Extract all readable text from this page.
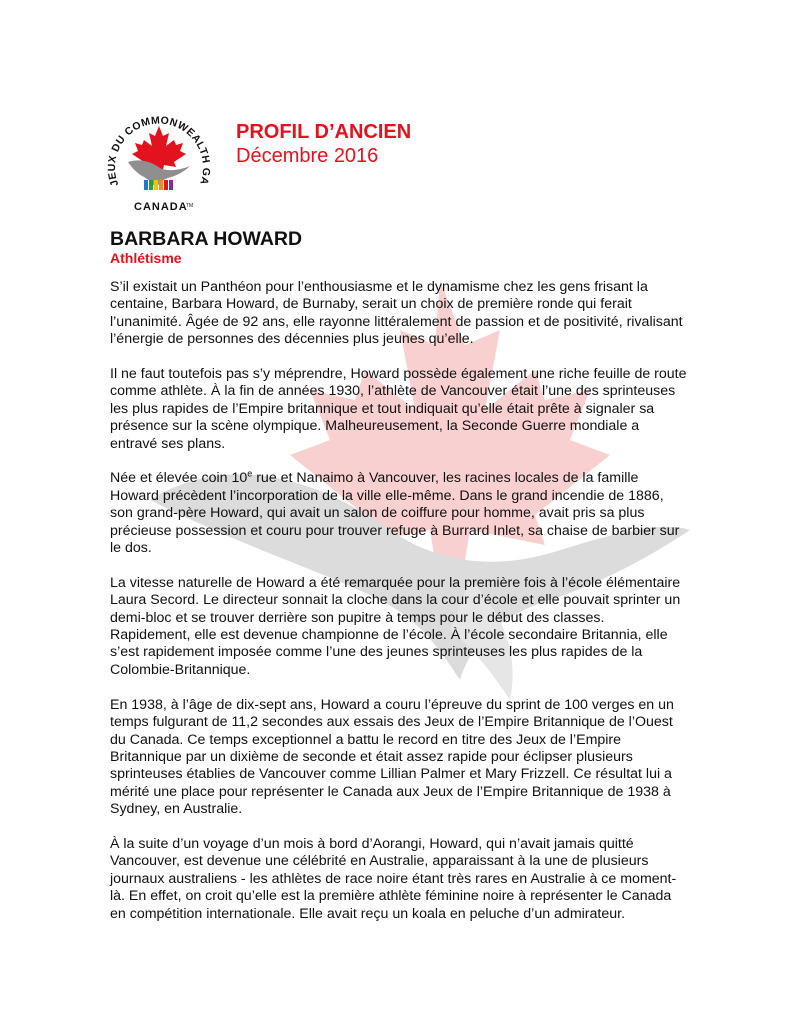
JEUX DU COMMONWEALTH GA
CANADA
TM
PROFIL D’ANCIEN
Décembre 2016
BARBARA HOWARD
Athlétisme

S’il existait un Panthéon pour l’enthousiasme et le dynamisme chez les gens frisant la centaine, Barbara Howard, de Burnaby, serait un choix de première ronde qui ferait l’unanimité. Âgée de 92 ans, elle rayonne littéralement de passion et de positivité, rivalisant l’énergie de personnes des décennies plus jeunes qu’elle.

Il ne faut toutefois pas s’y méprendre, Howard possède également une riche feuille de route comme athlète. À la fin de années 1930, l’athlète de Vancouver était l’une des sprinteuses les plus rapides de l’Empire britannique et tout indiquait qu’elle était prête à signaler sa présence sur la scène olympique. Malheureusement, la Seconde Guerre mondiale a entravé ses plans.

Née et élevée coin 10e rue et Nanaimo à Vancouver, les racines locales de la famille Howard précèdent l’incorporation de la ville elle-même. Dans le grand incendie de 1886, son grand-père Howard, qui avait un salon de coiffure pour homme, avait pris sa plus précieuse possession et couru pour trouver refuge à Burrard Inlet, sa chaise de barbier sur le dos.

La vitesse naturelle de Howard a été remarquée pour la première fois à l’école élémentaire Laura Secord. Le directeur sonnait la cloche dans la cour d’école et elle pouvait sprinter un demi-bloc et se trouver derrière son pupitre à temps pour le début des classes. Rapidement, elle est devenue championne de l’école. À l’école secondaire Britannia, elle s’est rapidement imposée comme l’une des jeunes sprinteuses les plus rapides de la Colombie-Britannique.

En 1938, à l’âge de dix-sept ans, Howard a couru l’épreuve du sprint de 100 verges en un temps fulgurant de 11,2 secondes aux essais des Jeux de l’Empire Britannique de l’Ouest du Canada. Ce temps exceptionnel a battu le record en titre des Jeux de l’Empire Britannique par un dixième de seconde et était assez rapide pour éclipser plusieurs sprinteuses établies de Vancouver comme Lillian Palmer et Mary Frizzell. Ce résultat lui a mérité une place pour représenter le Canada aux Jeux de l’Empire Britannique de 1938 à Sydney, en Australie.

À la suite d’un voyage d’un mois à bord d’Aorangi, Howard, qui n’avait jamais quitté Vancouver, est devenue une célébrité en Australie, apparaissant à la une de plusieurs journaux australiens - les athlètes de race noire étant très rares en Australie à ce moment-là. En effet, on croit qu’elle est la première athlète féminine noire à représenter le Canada en compétition internationale. Elle avait reçu un koala en peluche d’un admirateur.
